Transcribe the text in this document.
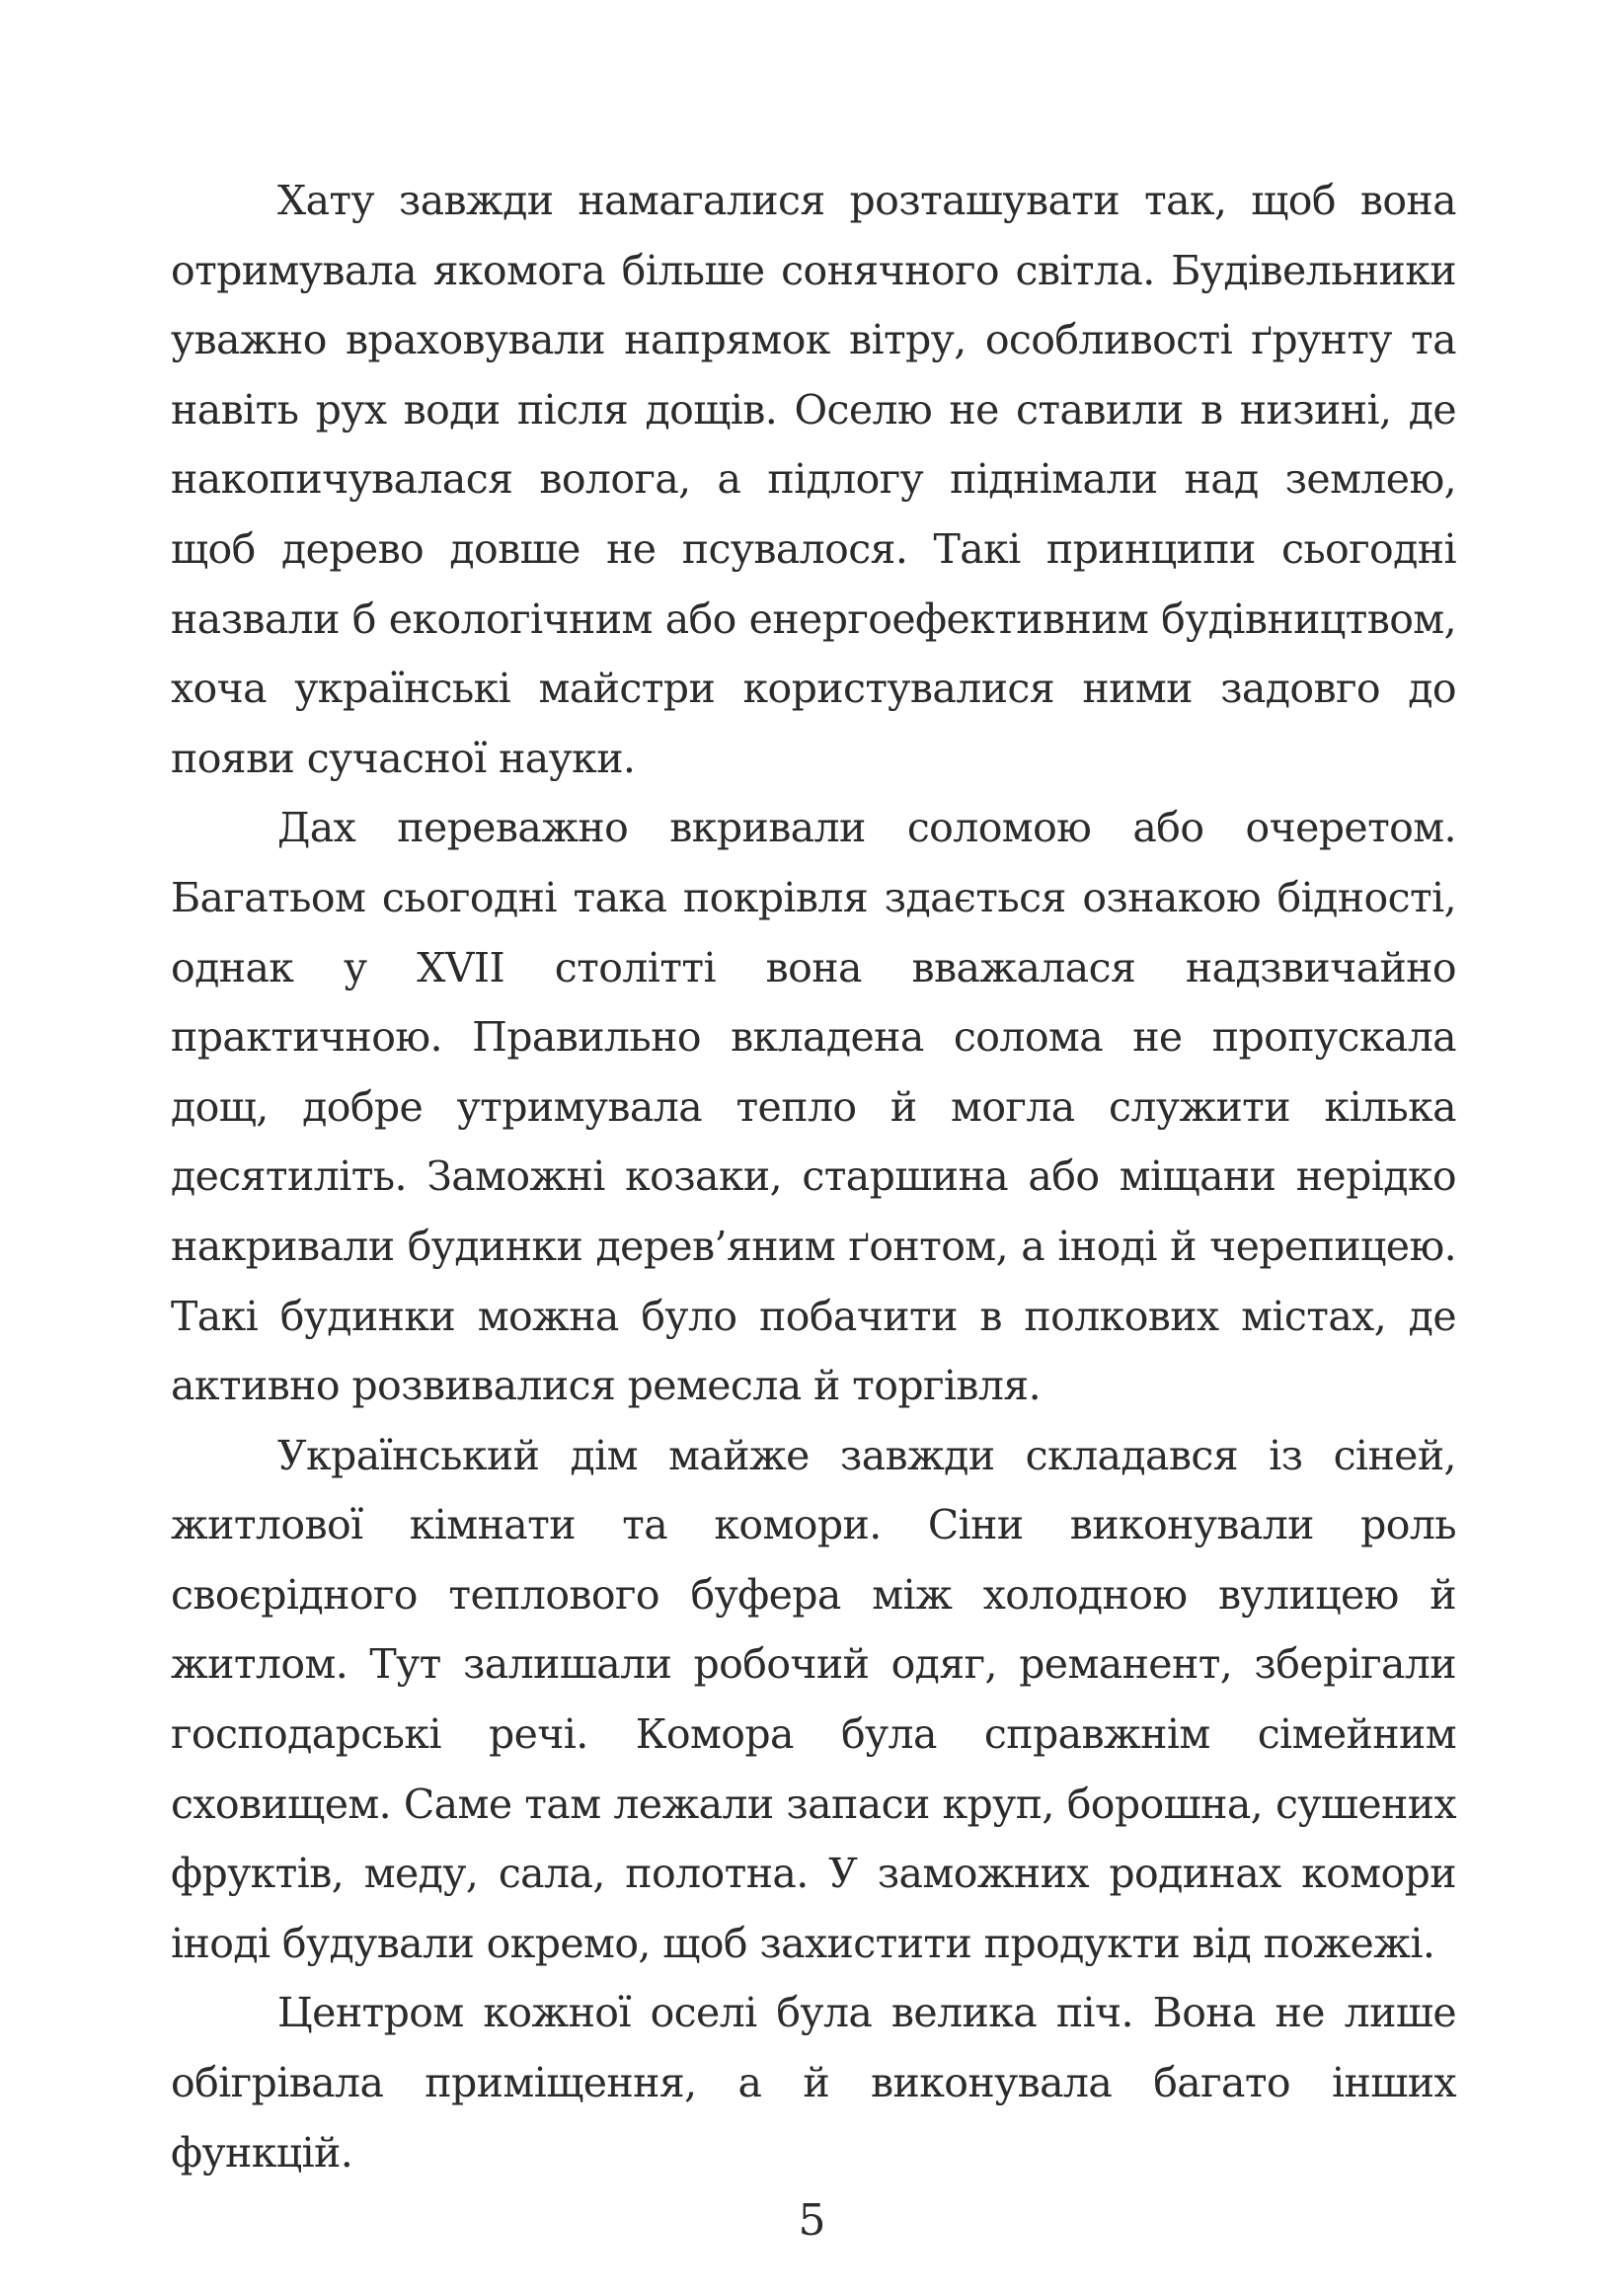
Хату завжди намагалися розташувати так, щоб вона отримувала якомога більше сонячного світла. Будівельники уважно враховували напрямок вітру, особливості ґрунту та навіть рух води після дощів. Оселю не ставили в низині, де накопичувалася волога, а підлогу піднімали над землею, щоб дерево довше не псувалося. Такі принципи сьогодні назвали б екологічним або енергоефективним будівництвом, хоча українські майстри користувалися ними задовго до появи сучасної науки.

Дах переважно вкривали соломою або очеретом. Багатьом сьогодні така покрівля здається ознакою бідності, однак у XVII столітті вона вважалася надзвичайно практичною. Правильно вкладена солома не пропускала дощ, добре утримувала тепло й могла служити кілька десятиліть. Заможні козаки, старшина або міщани нерідко накривали будинки дерев’яним ґонтом, а іноді й черепицею. Такі будинки можна було побачити в полкових містах, де активно розвивалися ремесла й торгівля.

Український дім майже завжди складався із сіней, житлової кімнати та комори. Сіни виконували роль своєрідного теплового буфера між холодною вулицею й житлом. Тут залишали робочий одяг, реманент, зберігали господарські речі. Комора була справжнім сімейним сховищем. Саме там лежали запаси круп, борошна, сушених фруктів, меду, сала, полотна. У заможних родинах комори іноді будували окремо, щоб захистити продукти від пожежі.

Центром кожної оселі була велика піч. Вона не лише обігрівала приміщення, а й виконувала багато інших функцій.

5
